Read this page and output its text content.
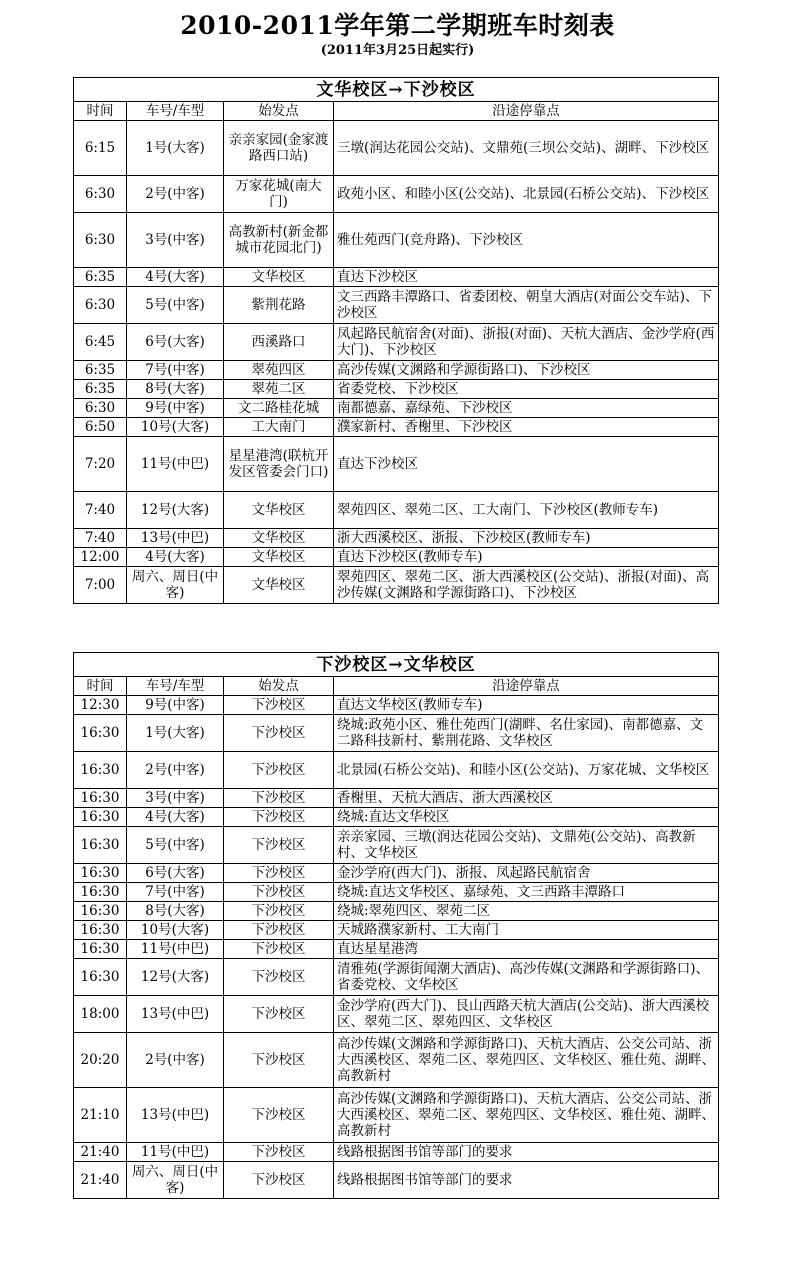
2010-2011学年第二学期班车时刻表
(2011年3月25日起实行)
文华校区→下沙校区			
时间	车号/车型	始发点	沿途停靠点
6:15	1号(大客)	亲亲家园(金家渡路西口站)	三墩(润达花园公交站)、文鼎苑(三坝公交站)、湖畔、下沙校区
6:30	2号(中客)	万家花城(南大门)	政苑小区、和睦小区(公交站)、北景园(石桥公交站)、下沙校区
6:30	3号(中客)	高教新村(新金都城市花园北门)	雅仕苑西门(竞舟路)、下沙校区
6:35	4号(大客)	文华校区	直达下沙校区
6:30	5号(中客)	紫荆花路	文三西路丰潭路口、省委团校、朝皇大酒店(对面公交车站)、下沙校区
6:45	6号(大客)	西溪路口	凤起路民航宿舍(对面)、浙报(对面)、天杭大酒店、金沙学府(西大门)、下沙校区
6:35	7号(中客)	翠苑四区	高沙传媒(文渊路和学源街路口)、下沙校区
6:35	8号(大客)	翠苑二区	省委党校、下沙校区
6:30	9号(中客)	文二路桂花城	南都德嘉、嘉绿苑、下沙校区
6:50	10号(大客)	工大南门	濮家新村、香榭里、下沙校区
7:20	11号(中巴)	星星港湾(联杭开发区管委会门口)	直达下沙校区
7:40	12号(大客)	文华校区	翠苑四区、翠苑二区、工大南门、下沙校区(教师专车)
7:40	13号(中巴)	文华校区	浙大西溪校区、浙报、下沙校区(教师专车)
12:00	4号(大客)	文华校区	直达下沙校区(教师专车)
7:00	周六、周日(中客)	文华校区	翠苑四区、翠苑二区、浙大西溪校区(公交站)、浙报(对面)、高沙传媒(文渊路和学源街路口)、下沙校区
下沙校区→文华校区			
时间	车号/车型	始发点	沿途停靠点
12:30	9号(中客)	下沙校区	直达文华校区(教师专车)
16:30	1号(大客)	下沙校区	绕城:政苑小区、雅仕苑西门(湖畔、名仕家园)、南都德嘉、文二路科技新村、紫荆花路、文华校区
16:30	2号(中客)	下沙校区	北景园(石桥公交站)、和睦小区(公交站)、万家花城、文华校区
16:30	3号(中客)	下沙校区	香榭里、天杭大酒店、浙大西溪校区
16:30	4号(大客)	下沙校区	绕城:直达文华校区
16:30	5号(中客)	下沙校区	亲亲家园、三墩(润达花园公交站)、文鼎苑(公交站)、高教新村、文华校区
16:30	6号(大客)	下沙校区	金沙学府(西大门)、浙报、凤起路民航宿舍
16:30	7号(中客)	下沙校区	绕城:直达文华校区、嘉绿苑、文三西路丰潭路口
16:30	8号(大客)	下沙校区	绕城:翠苑四区、翠苑二区
16:30	10号(大客)	下沙校区	天城路濮家新村、工大南门
16:30	11号(中巴)	下沙校区	直达星星港湾
16:30	12号(大客)	下沙校区	清雅苑(学源街闻潮大酒店)、高沙传媒(文渊路和学源街路口)、省委党校、文华校区
18:00	13号(中巴)	下沙校区	金沙学府(西大门)、艮山西路天杭大酒店(公交站)、浙大西溪校区、翠苑二区、翠苑四区、文华校区
20:20	2号(中客)	下沙校区	高沙传媒(文渊路和学源街路口)、天杭大酒店、公交公司站、浙大西溪校区、翠苑二区、翠苑四区、文华校区、雅仕苑、湖畔、高教新村
21:10	13号(中巴)	下沙校区	高沙传媒(文渊路和学源街路口)、天杭大酒店、公交公司站、浙大西溪校区、翠苑二区、翠苑四区、文华校区、雅仕苑、湖畔、高教新村
21:40	11号(中巴)	下沙校区	线路根据图书馆等部门的要求
21:40	周六、周日(中客)	下沙校区	线路根据图书馆等部门的要求
